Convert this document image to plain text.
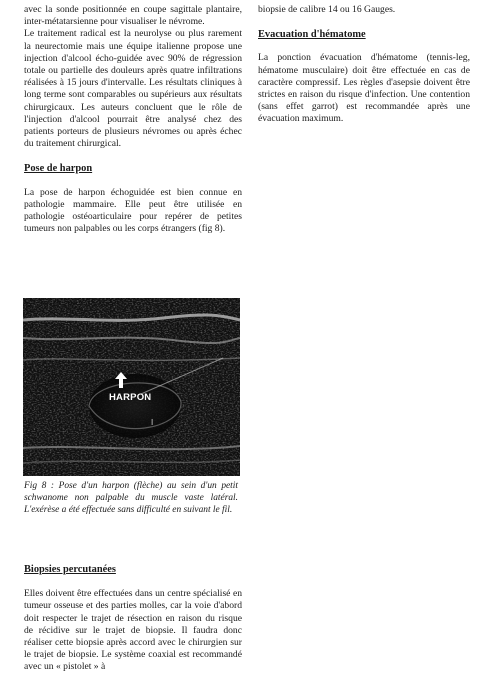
avec la sonde positionnée en coupe sagittale plantaire, inter-métatarsienne pour visualiser le névrome.

Le traitement radical est la neurolyse ou plus rarement la neurectomie mais une équipe italienne propose une injection d'alcool écho-guidée avec 90% de régression totale ou partielle des douleurs après quatre infiltrations réalisées à 15 jours d'intervalle. Les résultats cliniques à long terme sont comparables ou supérieurs aux résultats chirurgicaux. Les auteurs concluent que le rôle de l'injection d'alcool pourrait être analysé chez des patients porteurs de plusieurs névromes ou après échec du traitement chirurgical.

Pose de harpon

La pose de harpon échoguidée est bien connue en pathologie mammaire. Elle peut être utilisée en pathologie ostéoarticulaire pour repérer de petites tumeurs non palpables ou les corps étrangers (fig 8).

HARPON
I

Fig 8 : Pose d'un harpon (flèche) au sein d'un petit schwanome non palpable du muscle vaste latéral. L'exérèse a été effectuée sans difficulté en suivant le fil.

Biopsies percutanées

Elles doivent être effectuées dans un centre spécialisé en tumeur osseuse et des parties molles, car la voie d'abord doit respecter le trajet de résection en raison du risque de récidive sur le trajet de biopsie. Il faudra donc réaliser cette biopsie après accord avec le chirurgien sur le trajet de biopsie. Le système coaxial est recommandé avec un « pistolet » à

biopsie de calibre 14 ou 16 Gauges.

Evacuation d'hématome

La ponction évacuation d'hématome (tennis-leg, hématome musculaire) doit être effectuée en cas de caractère compressif. Les règles d'asepsie doivent être strictes en raison du risque d'infection. Une contention (sans effet garrot) est recommandée après une évacuation maximum.
